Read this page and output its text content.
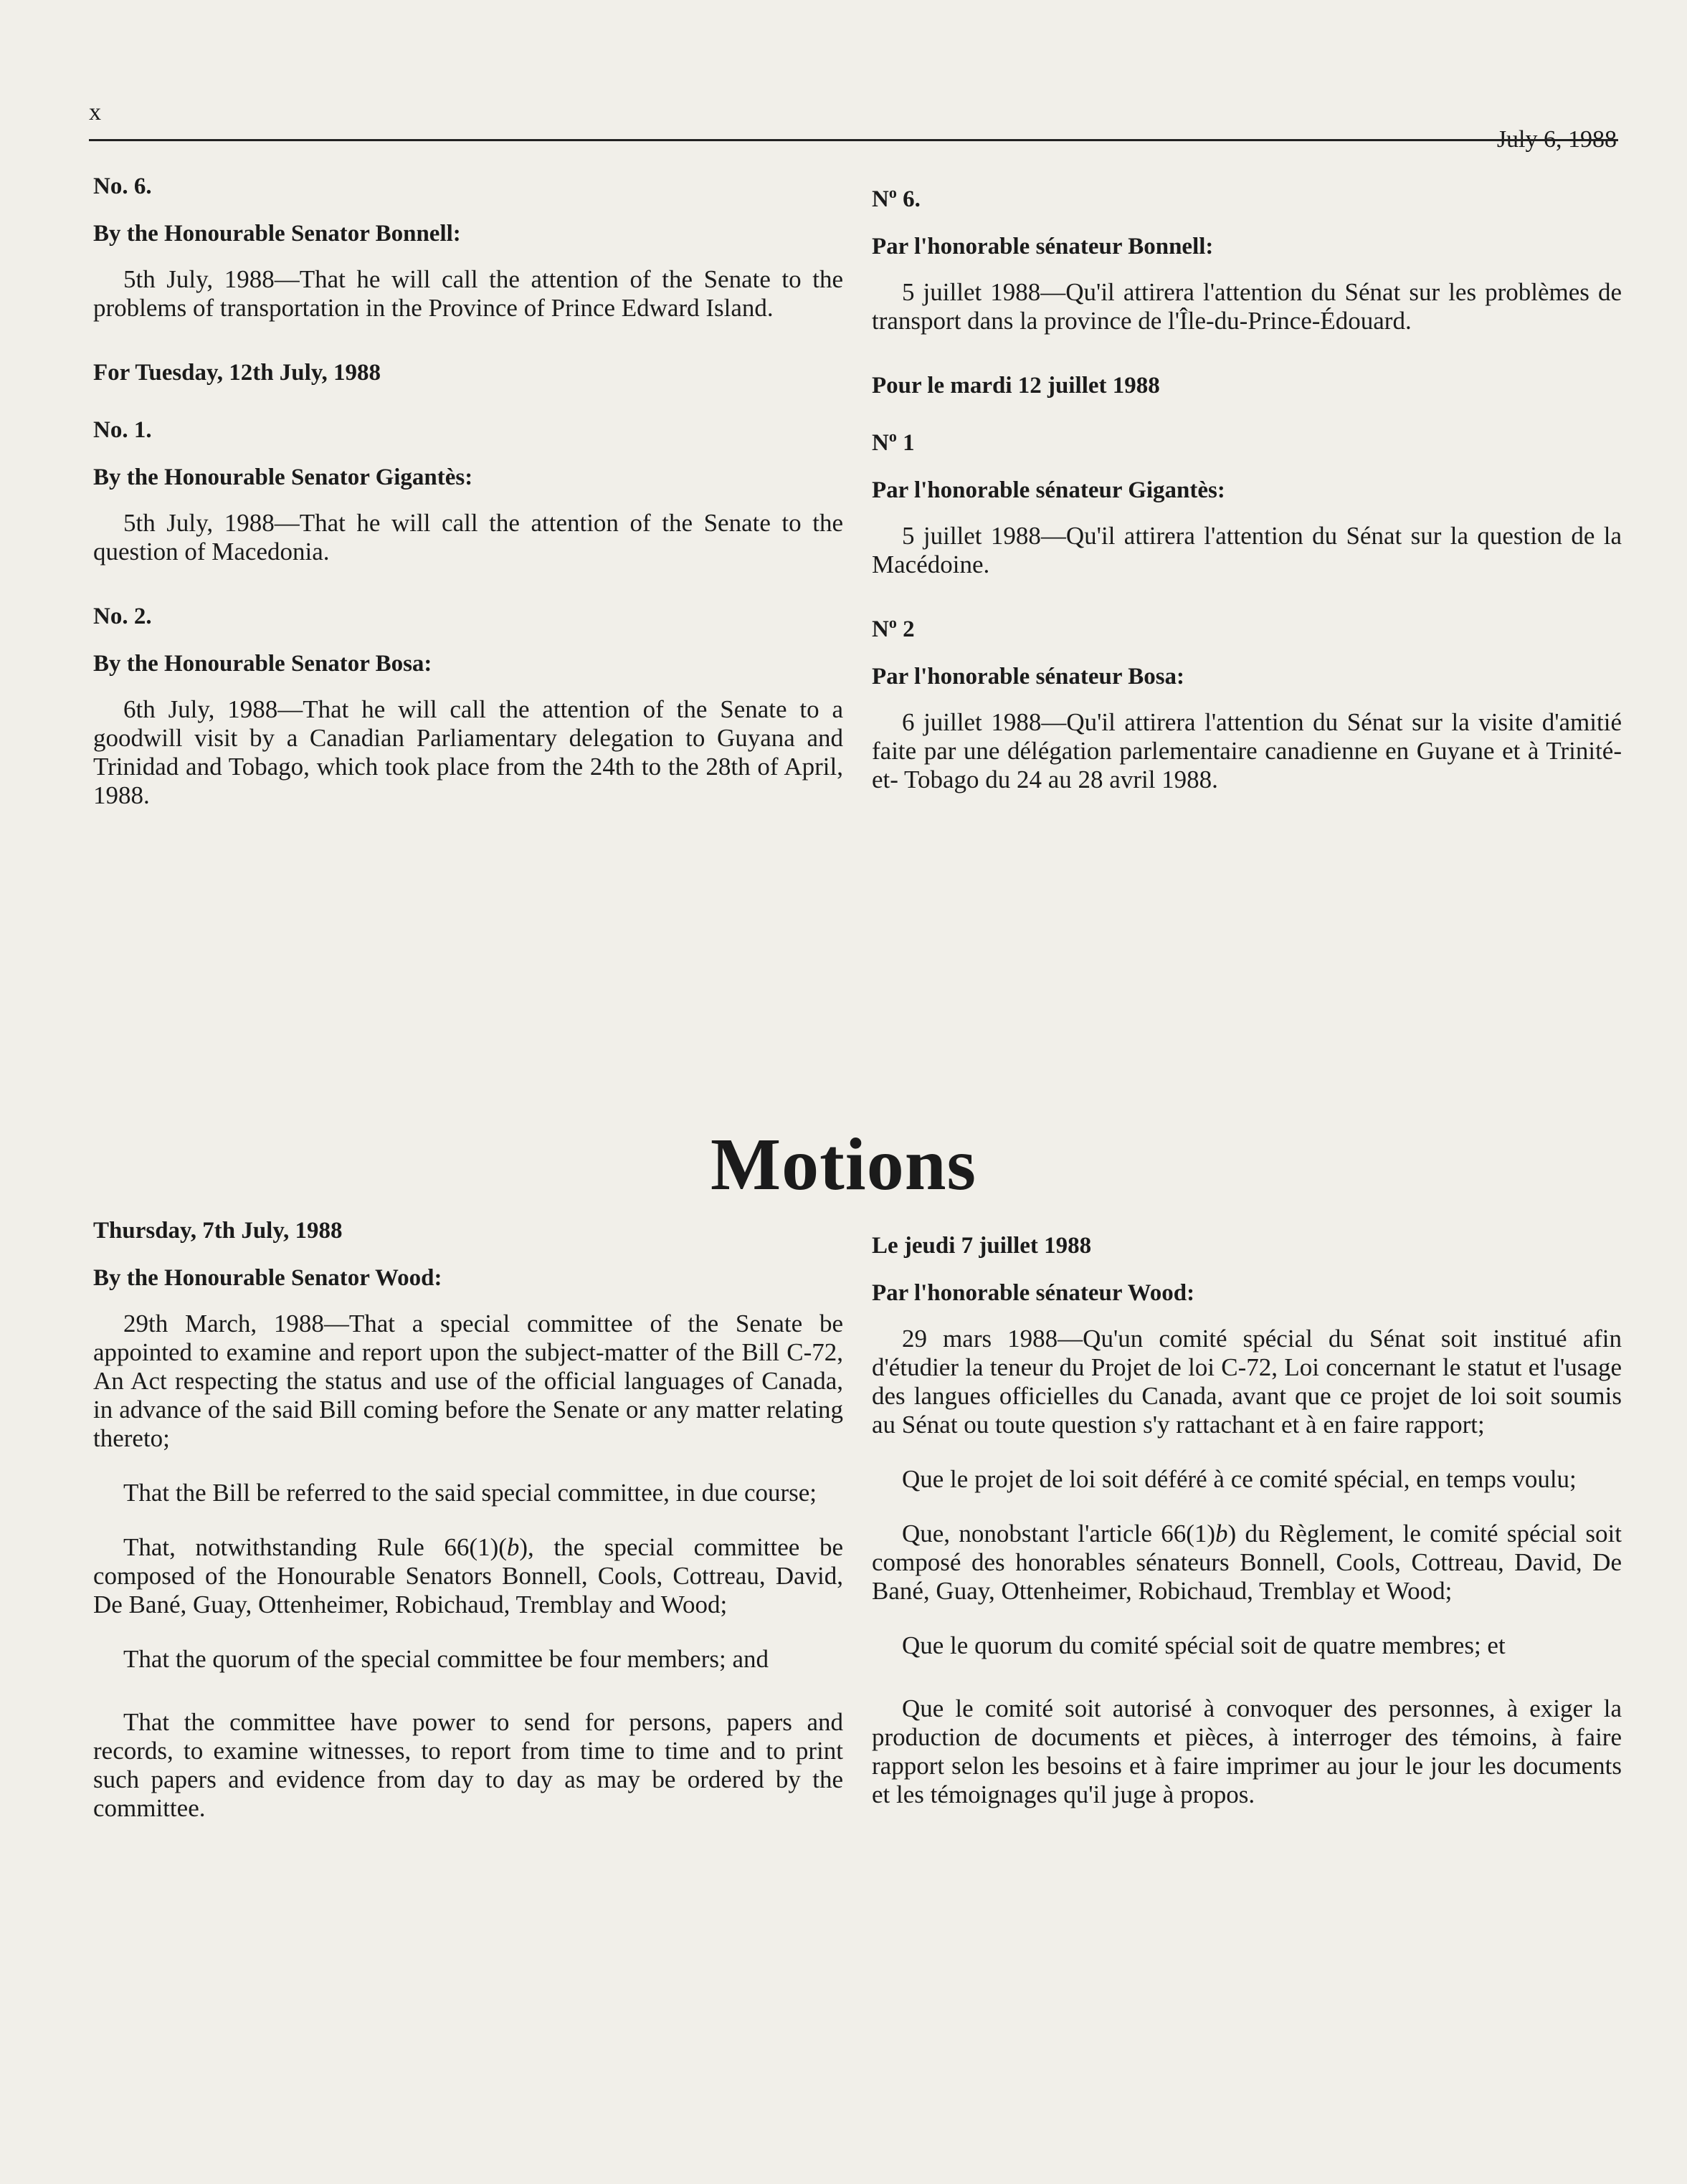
x
July 6, 1988
No. 6.
By the Honourable Senator Bonnell:
5th July, 1988—That he will call the attention of the Senate to the problems of transportation in the Province of Prince Edward Island.
For Tuesday, 12th July, 1988
No. 1.
By the Honourable Senator Gigantès:
5th July, 1988—That he will call the attention of the Senate to the question of Macedonia.
No. 2.
By the Honourable Senator Bosa:
6th July, 1988—That he will call the attention of the Senate to a goodwill visit by a Canadian Parliamentary delegation to Guyana and Trinidad and Tobago, which took place from the 24th to the 28th of April, 1988.
$N^o$ 6.
Par l'honorable sénateur Bonnell:
5 juillet 1988—Qu'il attirera l'attention du Sénat sur les problèmes de transport dans la province de l'Île-du-Prince-Édouard.
Pour le mardi 12 juillet 1988
$N^o$ 1
Par l'honorable sénateur Gigantès:
5 juillet 1988—Qu'il attirera l'attention du Sénat sur la question de la Macédoine.
$N^o$ 2
Par l'honorable sénateur Bosa:
6 juillet 1988—Qu'il attirera l'attention du Sénat sur la visite d'amitié faite par une délégation parlementaire canadienne en Guyane et à Trinité-et- Tobago du 24 au 28 avril 1988.
Motions
Thursday, 7th July, 1988
By the Honourable Senator Wood:
29th March, 1988—That a special committee of the Senate be appointed to examine and report upon the subject-matter of the Bill C-72, An Act respecting the status and use of the official languages of Canada, in advance of the said Bill coming before the Senate or any matter relating thereto;
That the Bill be referred to the said special committee, in due course;
That, notwithstanding Rule 66(1)(b), the special committee be composed of the Honourable Senators Bonnell, Cools, Cottreau, David, De Bané, Guay, Ottenheimer, Robichaud, Tremblay and Wood;
That the quorum of the special committee be four members; and
That the committee have power to send for persons, papers and records, to examine witnesses, to report from time to time and to print such papers and evidence from day to day as may be ordered by the committee.
Le jeudi 7 juillet 1988
Par l'honorable sénateur Wood:
29 mars 1988—Qu'un comité spécial du Sénat soit institué afin d'étudier la teneur du Projet de loi C-72, Loi concernant le statut et l'usage des langues officielles du Canada, avant que ce projet de loi soit soumis au Sénat ou toute question s'y rattachant et à en faire rapport;
Que le projet de loi soit déféré à ce comité spécial, en temps voulu;
Que, nonobstant l'article 66(1)b) du Règlement, le comité spécial soit composé des honorables sénateurs Bonnell, Cools, Cottreau, David, De Bané, Guay, Ottenheimer, Robichaud, Tremblay et Wood;
Que le quorum du comité spécial soit de quatre membres; et
Que le comité soit autorisé à convoquer des personnes, à exiger la production de documents et pièces, à interroger des témoins, à faire rapport selon les besoins et à faire imprimer au jour le jour les documents et les témoignages qu'il juge à propos.
